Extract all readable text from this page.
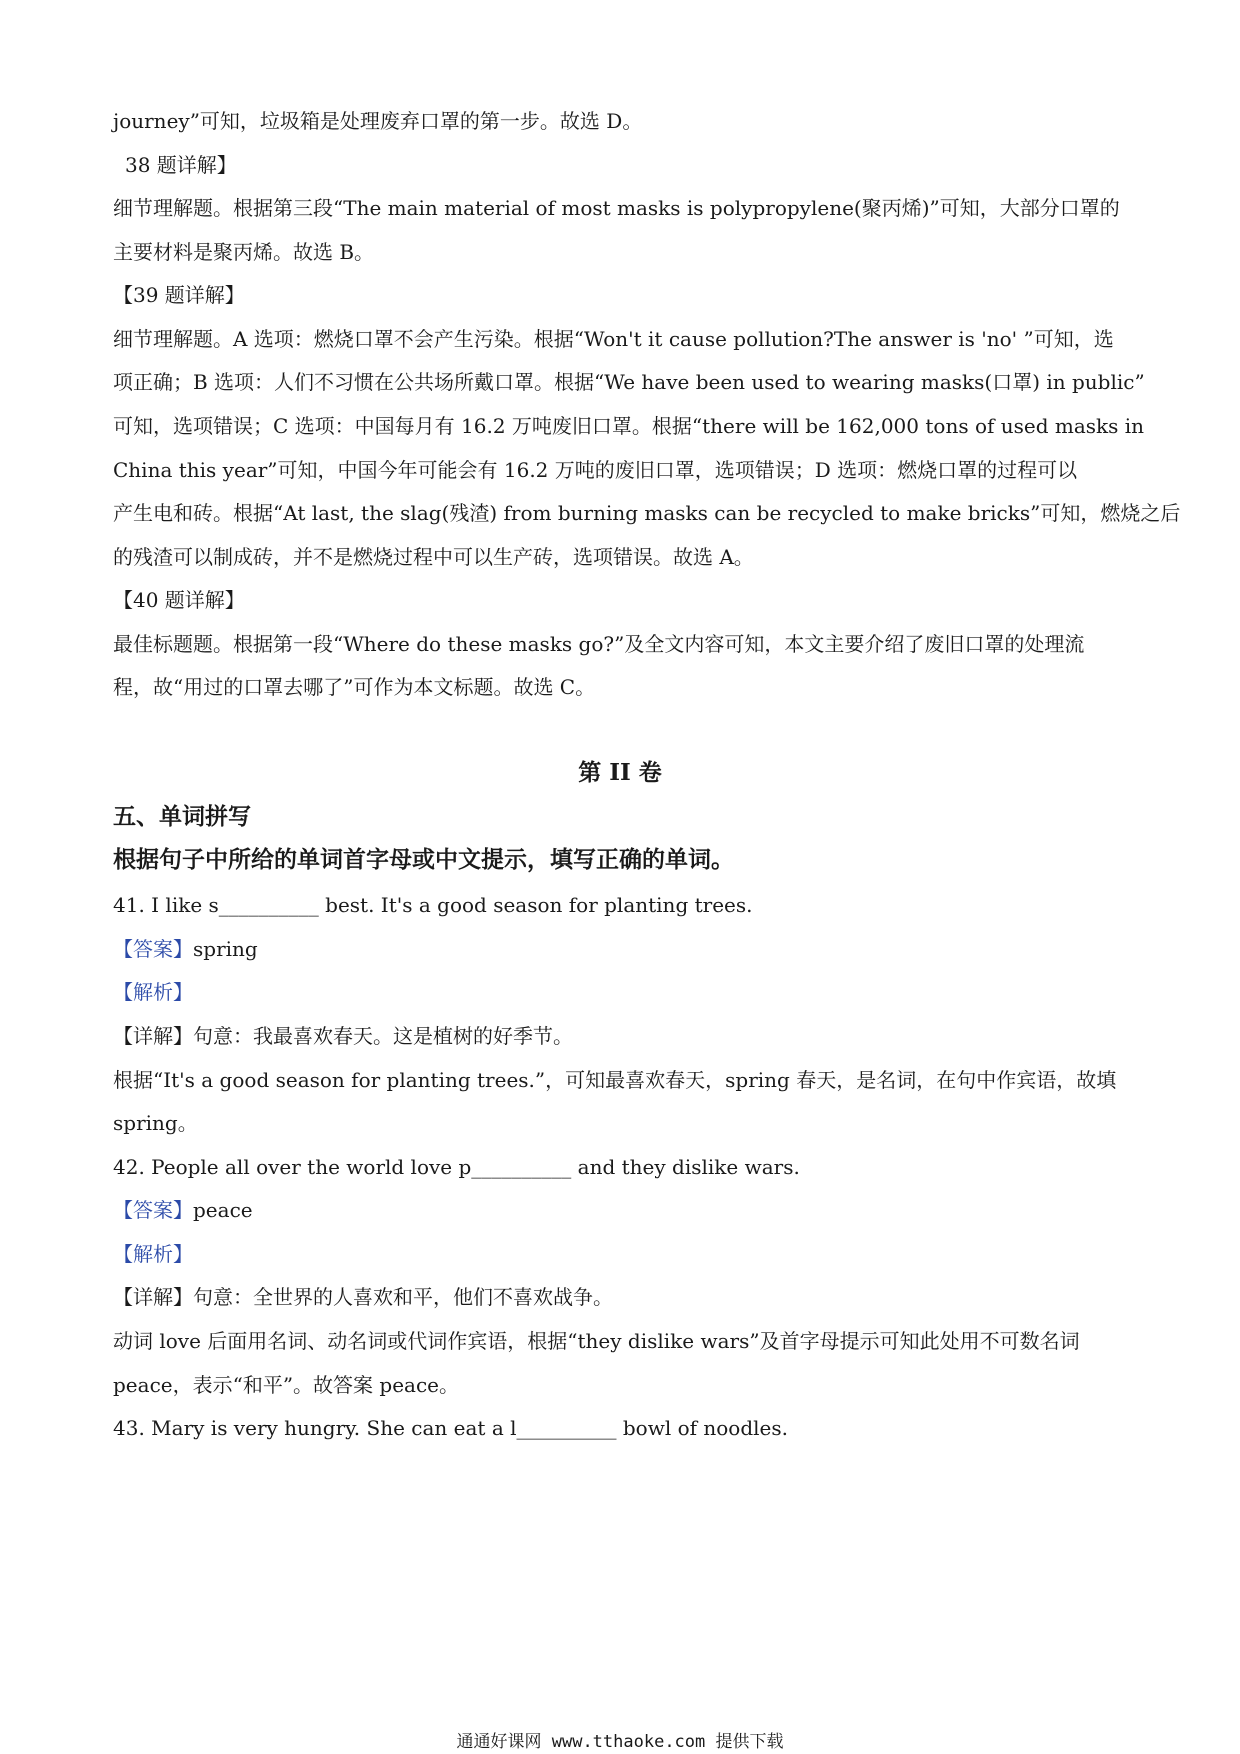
journey”可知，垃圾箱是处理废弃口罩的第一步。故选 D。
38 题详解】
细节理解题。根据第三段“The main material of most masks is polypropylene(聚丙烯)”可知，大部分口罩的
主要材料是聚丙烯。故选 B。
【39 题详解】
细节理解题。A 选项：燃烧口罩不会产生污染。根据“Won't it cause pollution?The answer is 'no' ”可知，选
项正确；B 选项：人们不习惯在公共场所戴口罩。根据“We have been used to wearing masks(口罩) in public”
可知，选项错误；C 选项：中国每月有 16.2 万吨废旧口罩。根据“there will be 162,000 tons of used masks in
China this year”可知，中国今年可能会有 16.2 万吨的废旧口罩，选项错误；D 选项：燃烧口罩的过程可以
产生电和砖。根据“At last, the slag(残渣) from burning masks can be recycled to make bricks”可知，燃烧之后
的残渣可以制成砖，并不是燃烧过程中可以生产砖，选项错误。故选 A。
【40 题详解】
最佳标题题。根据第一段“Where do these masks go?”及全文内容可知，本文主要介绍了废旧口罩的处理流
程，故“用过的口罩去哪了”可作为本文标题。故选 C。
第 II 卷
五、单词拼写
根据句子中所给的单词首字母或中文提示，填写正确的单词。
41. I like s__________ best. It's a good season for planting trees.
【答案】spring
【解析】
【详解】句意：我最喜欢春天。这是植树的好季节。
根据“It's a good season for planting trees.”，可知最喜欢春天，spring 春天，是名词，在句中作宾语，故填
spring。
42. People all over the world love p__________ and they dislike wars.
【答案】peace
【解析】
【详解】句意：全世界的人喜欢和平，他们不喜欢战争。
动词 love 后面用名词、动名词或代词作宾语，根据“they dislike wars”及首字母提示可知此处用不可数名词
peace，表示“和平”。故答案 peace。
43. Mary is very hungry. She can eat a l__________ bowl of noodles.
通通好课网 www.tthaoke.com 提供下载
